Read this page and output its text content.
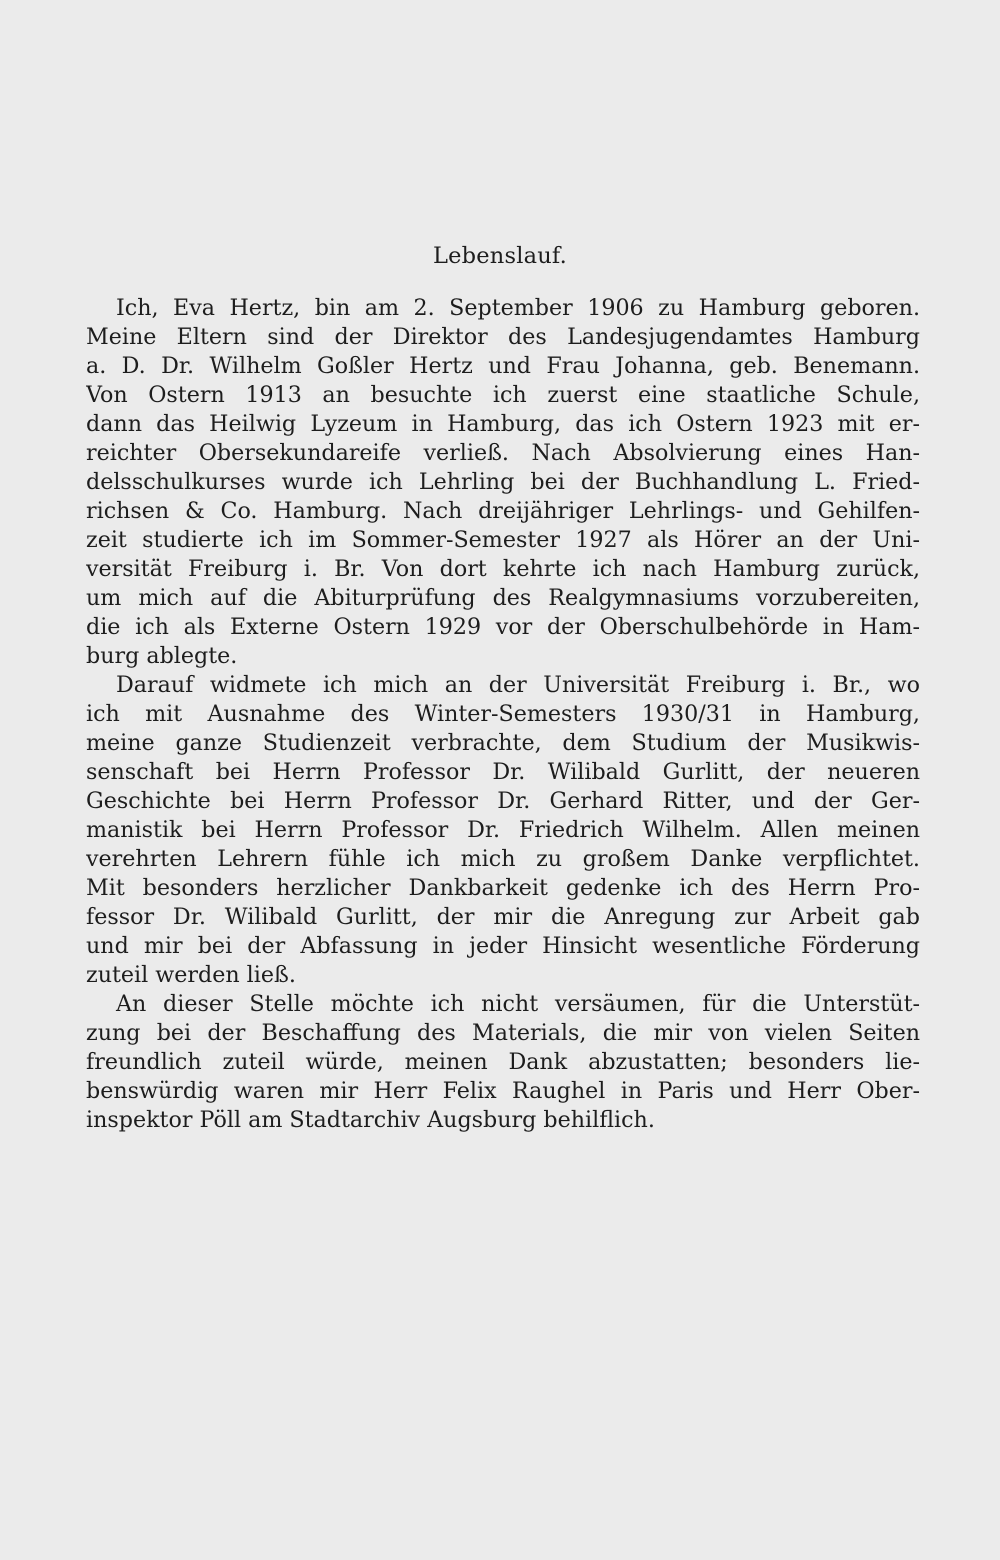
Lebenslauf.
Ich, Eva Hertz, bin am 2. September 1906 zu Hamburg geboren.
Meine Eltern sind der Direktor des Landesjugendamtes Hamburg
a. D. Dr. Wilhelm Goßler Hertz und Frau Johanna, geb. Benemann.
Von Ostern 1913 an besuchte ich zuerst eine staatliche Schule,
dann das Heilwig Lyzeum in Hamburg, das ich Ostern 1923 mit er-
reichter Obersekundareife verließ. Nach Absolvierung eines Han-
delsschulkurses wurde ich Lehrling bei der Buchhandlung L. Fried-
richsen & Co. Hamburg. Nach dreijähriger Lehrlings- und Gehilfen-
zeit studierte ich im Sommer-Semester 1927 als Hörer an der Uni-
versität Freiburg i. Br. Von dort kehrte ich nach Hamburg zurück,
um mich auf die Abiturprüfung des Realgymnasiums vorzubereiten,
die ich als Externe Ostern 1929 vor der Oberschulbehörde in Ham-
burg ablegte.
Darauf widmete ich mich an der Universität Freiburg i. Br., wo
ich mit Ausnahme des Winter-Semesters 1930/31 in Hamburg,
meine ganze Studienzeit verbrachte, dem Studium der Musikwis-
senschaft bei Herrn Professor Dr. Wilibald Gurlitt, der neueren
Geschichte bei Herrn Professor Dr. Gerhard Ritter, und der Ger-
manistik bei Herrn Professor Dr. Friedrich Wilhelm. Allen meinen
verehrten Lehrern fühle ich mich zu großem Danke verpflichtet.
Mit besonders herzlicher Dankbarkeit gedenke ich des Herrn Pro-
fessor Dr. Wilibald Gurlitt, der mir die Anregung zur Arbeit gab
und mir bei der Abfassung in jeder Hinsicht wesentliche Förderung
zuteil werden ließ.
An dieser Stelle möchte ich nicht versäumen, für die Unterstüt-
zung bei der Beschaffung des Materials, die mir von vielen Seiten
freundlich zuteil würde, meinen Dank abzustatten; besonders lie-
benswürdig waren mir Herr Felix Raughel in Paris und Herr Ober-
inspektor Pöll am Stadtarchiv Augsburg behilflich.
